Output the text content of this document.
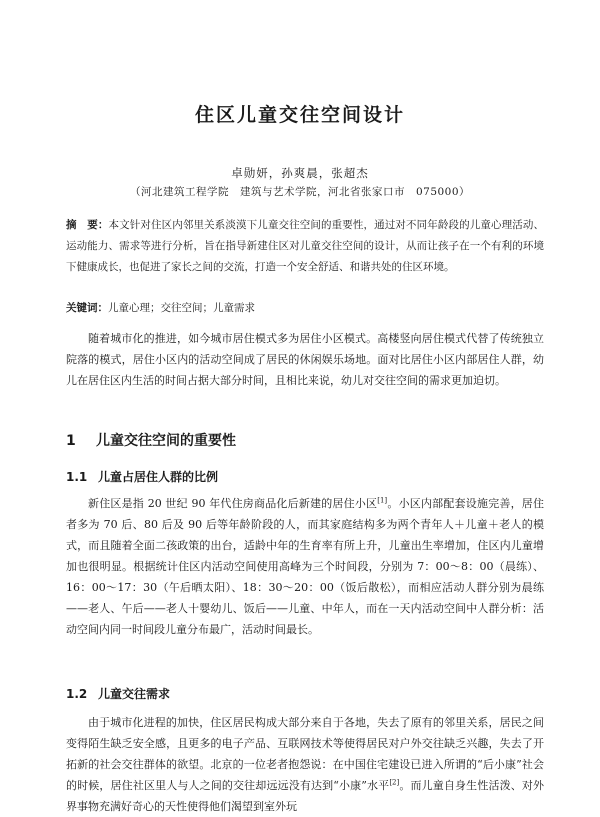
住区儿童交往空间设计
卓勋妍，孙爽晨，张超杰
（河北建筑工程学院　建筑与艺术学院，河北省张家口市　075000）
摘　要：本文针对住区内邻里关系淡漠下儿童交往空间的重要性，通过对不同年龄段的儿童心理活动、运动能力、需求等进行分析，旨在指导新建住区对儿童交往空间的设计，从而让孩子在一个有利的环境下健康成长，也促进了家长之间的交流，打造一个安全舒适、和谐共处的住区环境。
关键词：儿童心理；交往空间；儿童需求

随着城市化的推进，如今城市居住模式多为居住小区模式。高楼竖向居住模式代替了传统独立院落的模式，居住小区内的活动空间成了居民的休闲娱乐场地。面对比居住小区内部居住人群，幼儿在居住区内生活的时间占据大部分时间，且相比来说，幼儿对交往空间的需求更加迫切。

1 儿童交往空间的重要性
1.1 儿童占居住人群的比例

新住区是指 20 世纪 90 年代住房商品化后新建的居住小区[1]。小区内部配套设施完善，居住者多为 70 后、80 后及 90 后等年龄阶段的人，而其家庭结构多为两个青年人＋儿童＋老人的模式，而且随着全面二孩政策的出台，适龄中年的生育率有所上升，儿童出生率增加，住区内儿童增加也很明显。根据统计住区内活动空间使用高峰为三个时间段，分别为 7：00～8：00（晨练）、16：00～17：30（午后晒太阳）、18：30～20：00（饭后散松），而相应活动人群分别为晨练——老人、午后——老人十婴幼儿、饭后——儿童、中年人，而在一天内活动空间中人群分析：活动空间内同一时间段儿童分布最广，活动时间最长。

1.2 儿童交往需求

由于城市化进程的加快，住区居民构成大部分来自于各地，失去了原有的邻里关系，居民之间变得陌生缺乏安全感，且更多的电子产品、互联网技术等使得居民对户外交往缺乏兴趣，失去了开拓新的社会交往群体的欲望。北京的一位老者抱怨说：在中国住宅建设已进入所谓的“后小康”社会的时候，居住社区里人与人之间的交往却远远没有达到“小康”水平[2]。而儿童自身生性活泼、对外界事物充满好奇心的天性使得他们渴望到室外玩
